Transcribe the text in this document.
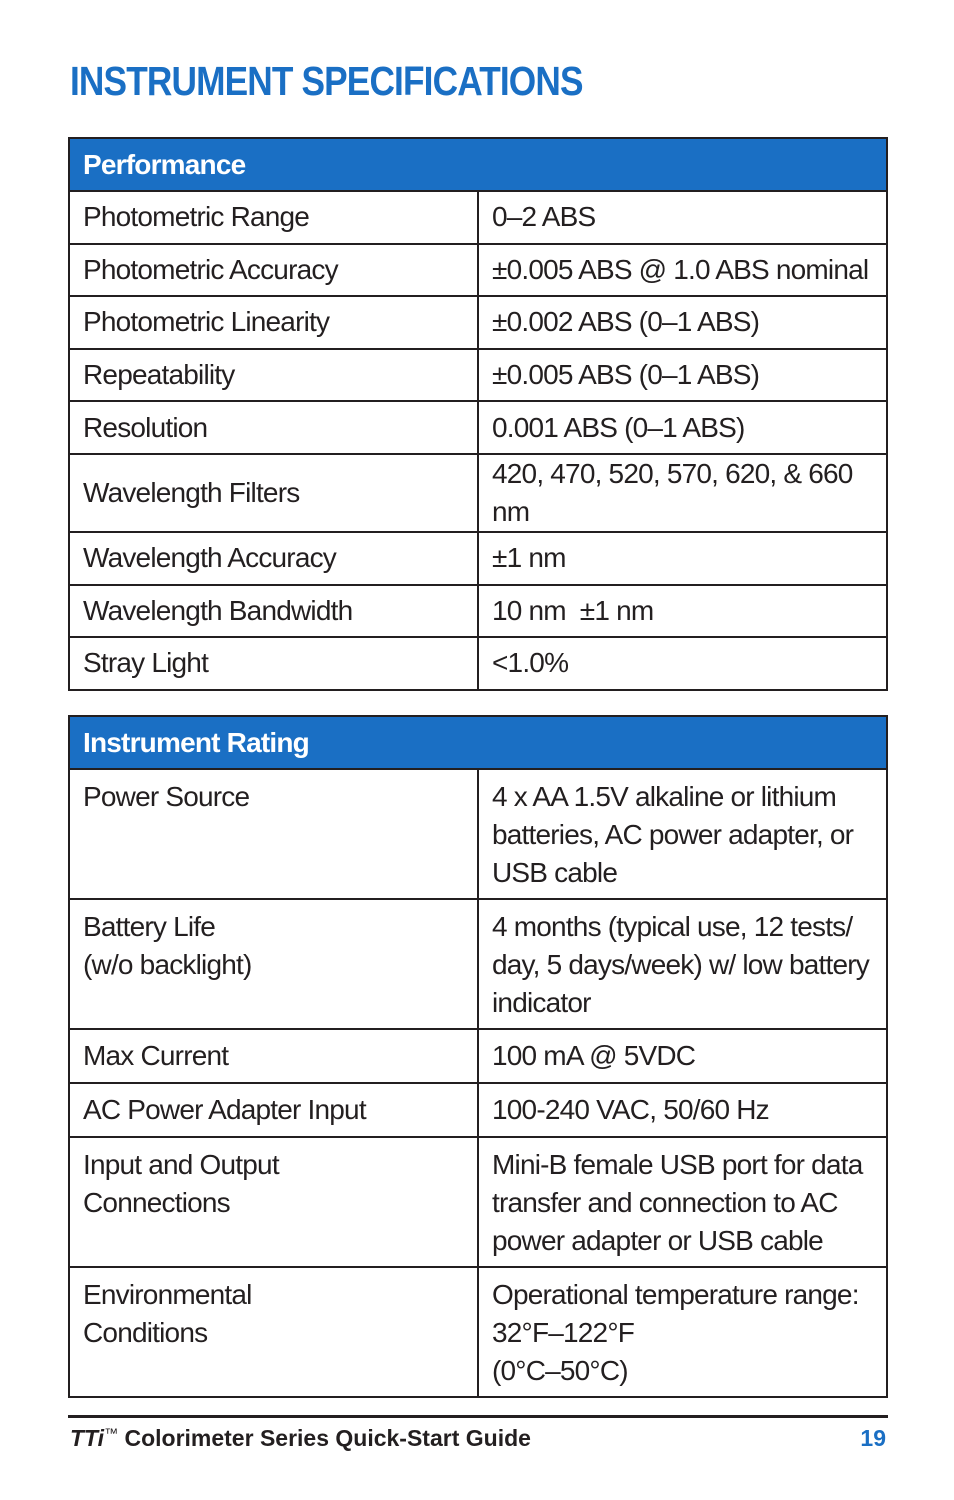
INSTRUMENT SPECIFICATIONS
Performance	
Photometric Range	0–2 ABS
Photometric Accuracy	±0.005 ABS @ 1.0 ABS nominal
Photometric Linearity	±0.002 ABS (0–1 ABS)
Repeatability	±0.005 ABS (0–1 ABS)
Resolution	0.001 ABS (0–1 ABS)
Wavelength Filters	420, 470, 520, 570, 620, & 660 nm
Wavelength Accuracy	±1 nm
Wavelength Bandwidth	10 nm  ±1 nm
Stray Light	<1.0%
Instrument Rating	

Power Source	4 x AA 1.5V alkaline or lithium
batteries, AC power adapter, or
USB cable

Battery Life
(w/o backlight)	4 months (typical use, 12 tests/
day, 5 days/week) w/ low battery
indicator

Max Current	100 mA @ 5VDC

AC Power Adapter Input	100-240 VAC, 50/60 Hz

Input and Output
Connections	Mini-B female USB port for data
transfer and connection to AC
power adapter or USB cable

Environmental
Conditions	Operational temperature range:
32°F–122°F
(0°C–50°C)
TTi™ Colorimeter Series Quick-Start Guide	19
